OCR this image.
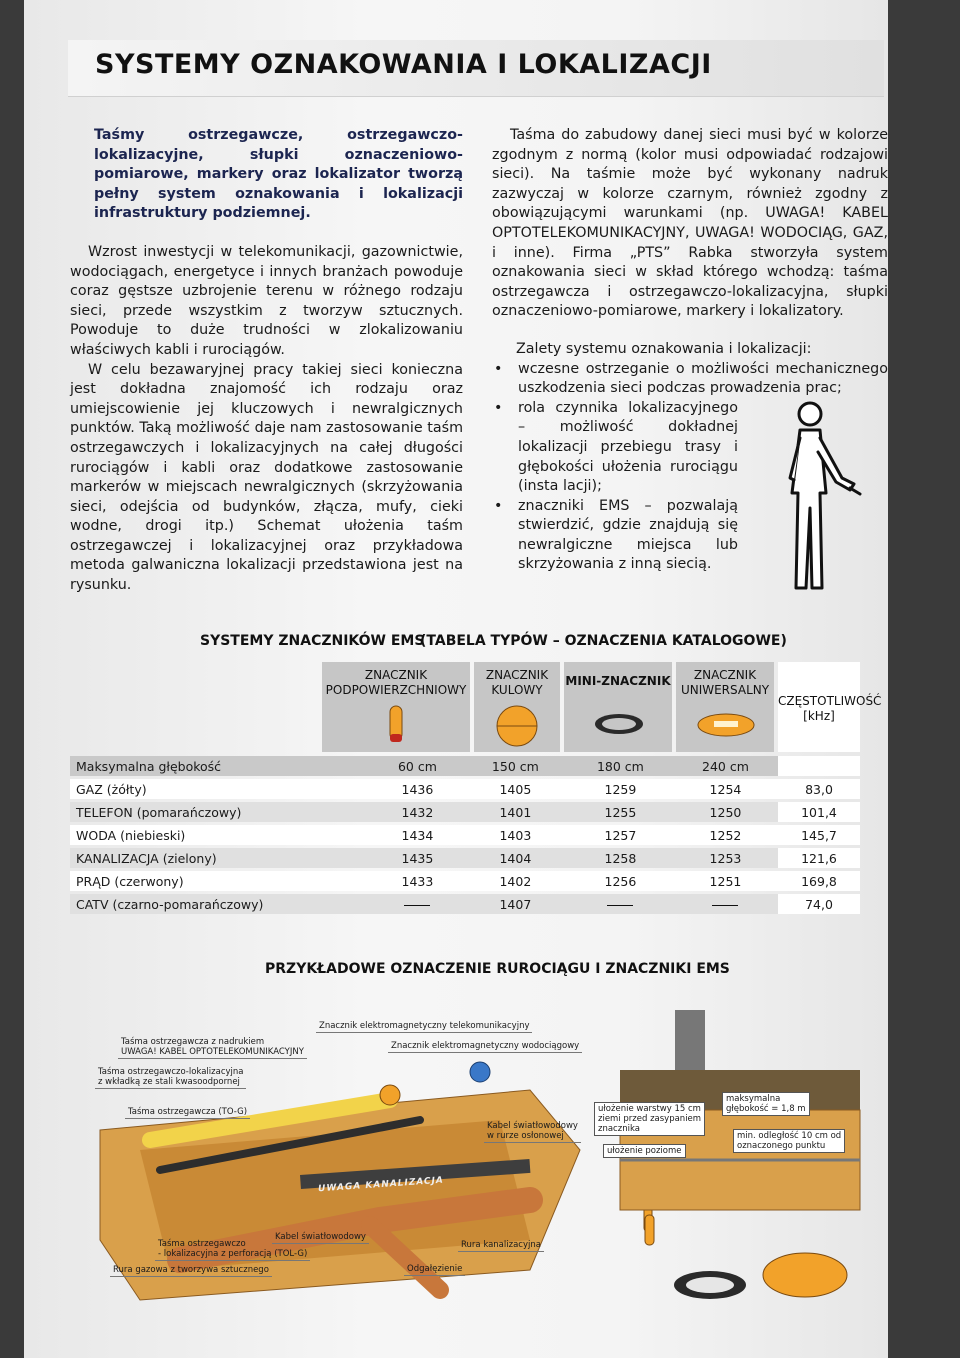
SYSTEMY OZNAKOWANIA I LOKALIZACJI

Taśmy ostrzegawcze, ostrzegawczo-lokalizacyjne, słupki oznaczeniowo-pomiarowe, markery oraz lokalizator tworzą pełny system oznakowania i lokalizacji infrastruktury podziemnej.

Wzrost inwestycji w telekomunikacji, gazownictwie, wodociągach, energetyce i innych branżach powoduje coraz gęstsze uzbrojenie terenu w różnego rodzaju sieci, przede wszystkim z tworzyw sztucznych. Powoduje to duże trudności w zlokalizowaniu właściwych kabli i rurociągów.

W celu bezawaryjnej pracy takiej sieci konieczna jest dokładna znajomość ich rodzaju oraz umiejscowienie jej kluczowych i newralgicznych punktów. Taką możliwość daje nam zastosowanie taśm ostrzegawczych i lokalizacyjnych na całej długości rurociągów i kabli oraz dodatkowe zastosowanie markerów w miejscach newralgicznych (skrzyżowania sieci, odejścia od budynków, złącza, mufy, cieki wodne, drogi itp.) Schemat ułożenia taśm ostrzegawczej i lokalizacyjnej oraz przykładowa metoda galwaniczna lokalizacji przedstawiona jest na rysunku.

Taśma do zabudowy danej sieci musi być w kolorze zgodnym z normą (kolor musi odpowiadać rodzajowi sieci). Na taśmie może być wykonany nadruk zazwyczaj w kolorze czarnym, również zgodny z obowiązującymi warunkami (np. UWAGA! KABEL OPTOTELEKOMUNIKACYJNY, UWAGA! WODOCIĄG, GAZ, i inne). Firma „PTS” Rabka stworzyła system oznakowania sieci w skład którego wchodzą: taśma ostrzegawcza i ostrzegawczo-lokalizacyjna, słupki oznaczeniowo-pomiarowe, markery i lokalizatory.

Zalety systemu oznakowania i lokalizacji:

• wczesne ostrzeganie o możliwości mechanicznego uszkodzenia sieci podczas prowadzenia prac;
• rola czynnika lokalizacyjnego – możliwość dokładnej lokalizacji przebiegu trasy i głębokości ułożenia rurociągu (insta lacji);
• znaczniki EMS – pozwalają stwierdzić, gdzie znajdują się newralgiczne miejsca lub skrzyżowania z inną siecią.
SYSTEMY ZNACZNIKÓW EMS
(TABELA TYPÓW – OZNACZENIA KATALOGOWE)
ZNACZNIK PODPOWIERZCHNIOWY
ZNACZNIK KULOWY
MINI-ZNACZNIK	ZNACZNIK UNIWERSALNY
CZĘSTOTLIWOŚĆ [kHz]
Maksymalna głębokość	60 cm	150 cm	180 cm	240 cm	
GAZ (żółty)	1436	1405	1259	1254	83,0
TELEFON (pomarańczowy)	1432	1401	1255	1250	101,4
WODA (niebieski)	1434	1403	1257	1252	145,7
KANALIZACJA (zielony)	1435	1404	1258	1253	121,6
PRĄD (czerwony)	1433	1402	1256	1251	169,8
CATV (czarno-pomarańczowy)		1407			74,0
PRZYKŁADOWE OZNACZENIE RUROCIĄGU I ZNACZNIKI EMS
Taśma ostrzegawcza z nadrukiem
UWAGA! KABEL OPTOTELEKOMUNIKACYJNY
Taśma ostrzegawczo-lokalizacyjna
z wkładką ze stali kwasoodpornej
Taśma ostrzegawcza (TO-G)
Znacznik elektromagnetyczny telekomunikacyjny
Znacznik elektromagnetyczny wodociągowy
Kabel światłowodowy
w rurze osłonowej
Taśma ostrzegawczo
- lokalizacyjna z perforacją (TOL-G)
Kabel światłowodowy
Rura kanalizacyjna
Rura gazowa z tworzywa sztucznego	Odgałęzienie
ułożenie warstwy 15 cm
ziemi przed zasypaniem
znacznika
maksymalna
głębokość = 1,8 m
min. odległość 10 cm od
oznaczonego punktu
ułożenie poziome
UWAGA KANALIZACJA
